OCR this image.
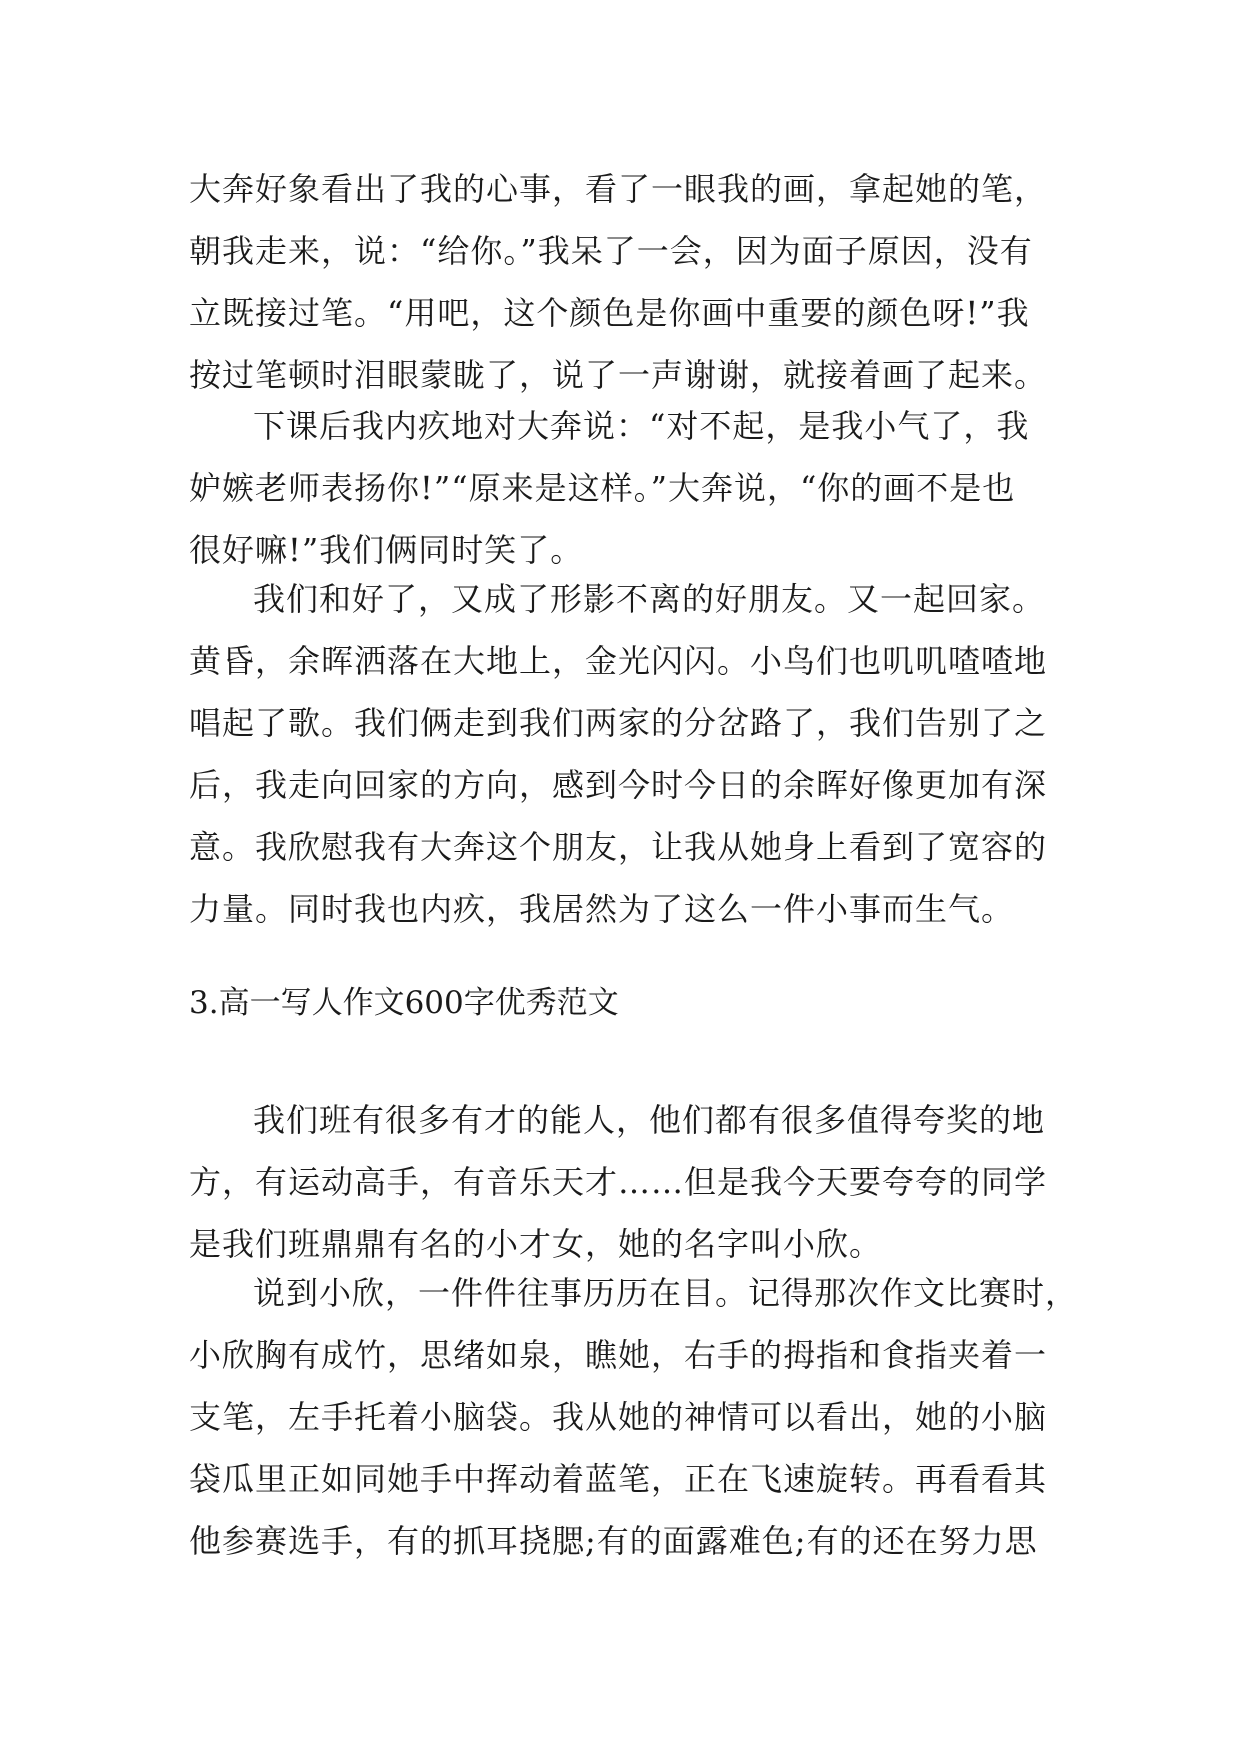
大奔好象看出了我的心事，看了一眼我的画，拿起她的笔，
朝我走来，说：“给你。”我呆了一会，因为面子原因，没有
立既接过笔。“用吧，这个颜色是你画中重要的颜色呀!”我
按过笔顿时泪眼蒙眬了，说了一声谢谢，就接着画了起来。
下课后我内疚地对大奔说：“对不起，是我小气了，我
妒嫉老师表扬你!”“原来是这样。”大奔说，“你的画不是也
很好嘛!”我们俩同时笑了。
我们和好了，又成了形影不离的好朋友。又一起回家。
黄昏，余晖洒落在大地上，金光闪闪。小鸟们也叽叽喳喳地
唱起了歌。我们俩走到我们两家的分岔路了，我们告别了之
后，我走向回家的方向，感到今时今日的余晖好像更加有深
意。我欣慰我有大奔这个朋友，让我从她身上看到了宽容的
力量。同时我也内疚，我居然为了这么一件小事而生气。
3.高一写人作文600字优秀范文
我们班有很多有才的能人，他们都有很多值得夸奖的地
方，有运动高手，有音乐天才……但是我今天要夸夸的同学
是我们班鼎鼎有名的小才女，她的名字叫小欣。
说到小欣，一件件往事历历在目。记得那次作文比赛时，
小欣胸有成竹，思绪如泉，瞧她，右手的拇指和食指夹着一
支笔，左手托着小脑袋。我从她的神情可以看出，她的小脑
袋瓜里正如同她手中挥动着蓝笔，正在飞速旋转。再看看其
他参赛选手，有的抓耳挠腮;有的面露难色;有的还在努力思
